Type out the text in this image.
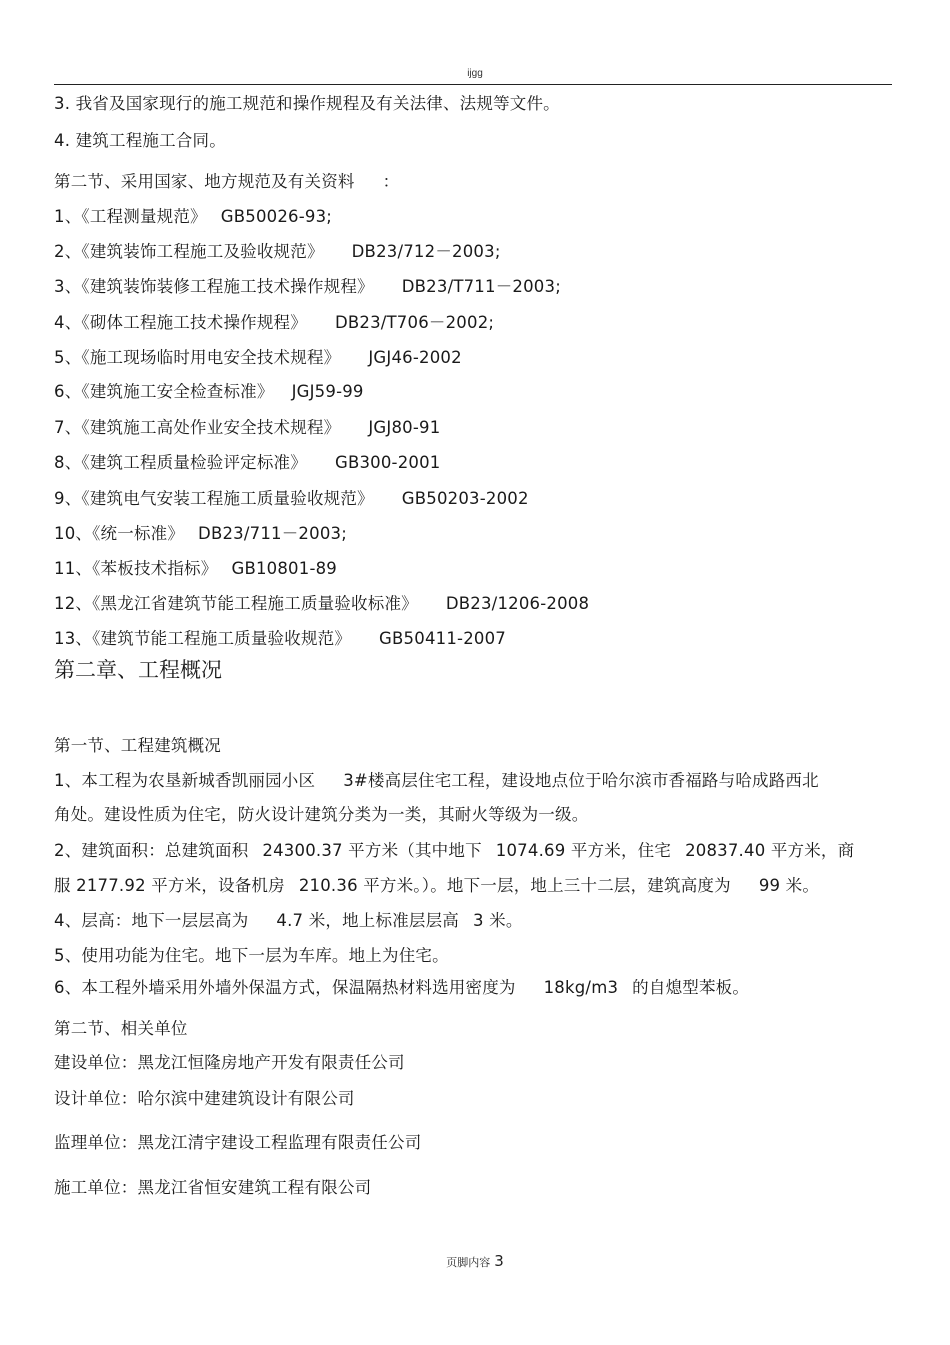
ijgg
3. 我省及国家现行的施工规范和操作规程及有关法律、法规等文件。
4. 建筑工程施工合同。
第二节、采用国家、地方规范及有关资料 ：
1、《工程测量规范》 GB50026-93;
2、《建筑装饰工程施工及验收规范》 DB23/712－2003;
3、《建筑装饰装修工程施工技术操作规程》 DB23/T711－2003;
4、《砌体工程施工技术操作规程》 DB23/T706－2002;
5、《施工现场临时用电安全技术规程》 JGJ46-2002
6、《建筑施工安全检查标准》 JGJ59-99
7、《建筑施工高处作业安全技术规程》 JGJ80-91
8、《建筑工程质量检验评定标准》 GB300-2001
9、《建筑电气安装工程施工质量验收规范》 GB50203-2002
10、《统一标准》 DB23/711－2003;
11、《苯板技术指标》 GB10801-89
12、《黑龙江省建筑节能工程施工质量验收标准》 DB23/1206-2008
13、《建筑节能工程施工质量验收规范》 GB50411-2007
第二章、工程概况
第一节、工程建筑概况
1、本工程为农垦新城香凯丽园小区 3#楼高层住宅工程，建设地点位于哈尔滨市香福路与哈成路西北
角处。建设性质为住宅，防火设计建筑分类为一类，其耐火等级为一级。
2、建筑面积：总建筑面积 24300.37 平方米（其中地下 1074.69 平方米，住宅 20837.40 平方米，商
服 2177.92 平方米，设备机房 210.36 平方米。）。地下一层，地上三十二层，建筑高度为 99 米。
4、层高：地下一层层高为 4.7 米，地上标准层层高 3 米。
5、使用功能为住宅。地下一层为车库。地上为住宅。
6、本工程外墙采用外墙外保温方式，保温隔热材料选用密度为 18kg/m3 的自熄型苯板。
第二节、相关单位
建设单位：黑龙江恒隆房地产开发有限责任公司
设计单位：哈尔滨中建建筑设计有限公司
监理单位：黑龙江清宇建设工程监理有限责任公司
施工单位：黑龙江省恒安建筑工程有限公司
页脚内容 3
